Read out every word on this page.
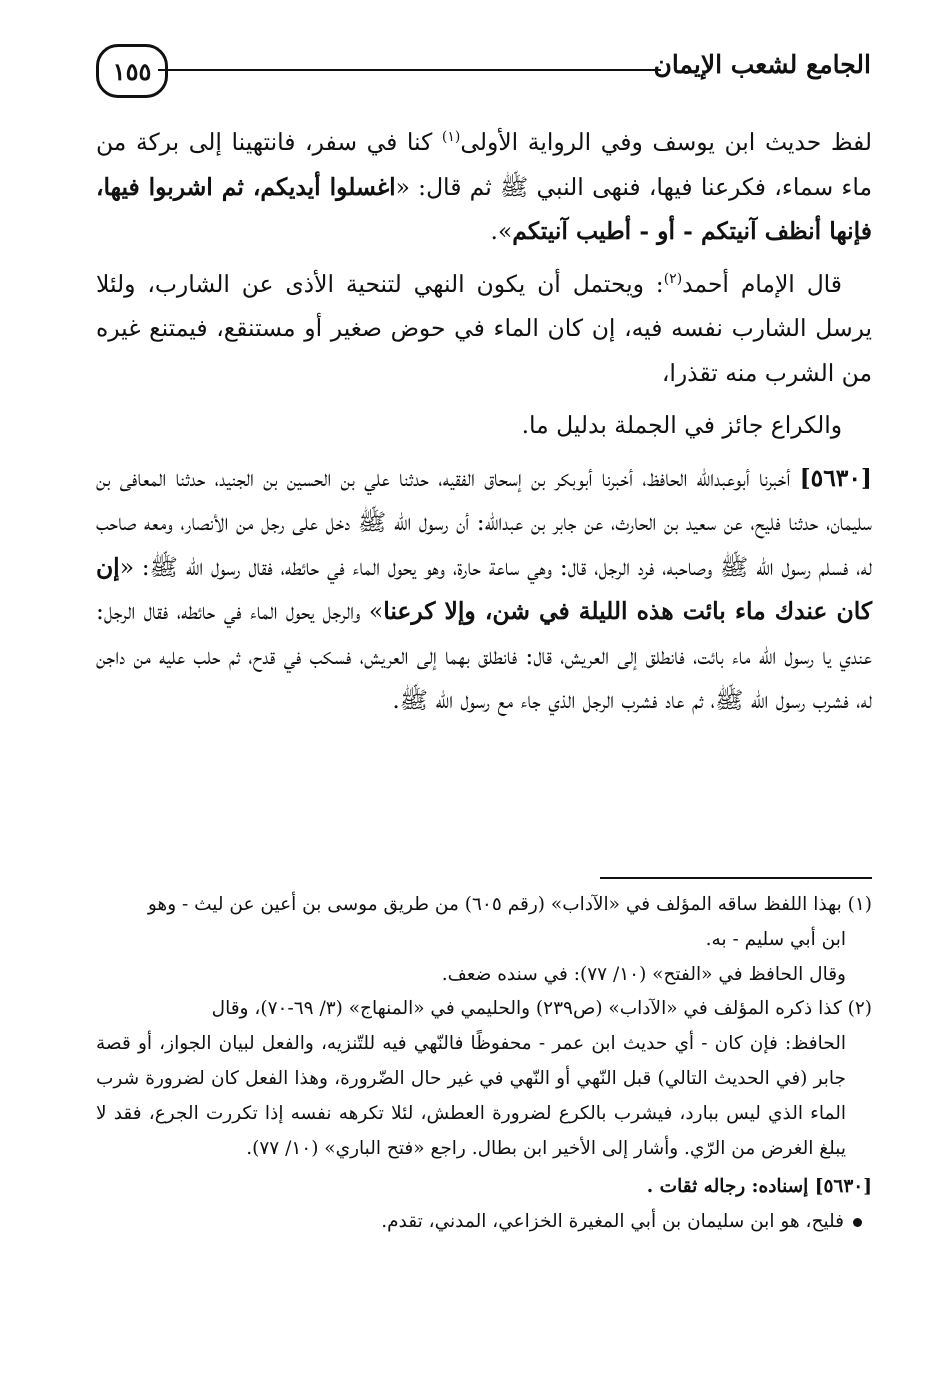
الجامع لشعب الإيمان
١٥٥

لفظ حديث ابن يوسف وفي الرواية الأولى$^{(١)}$ كنا في سفر، فانتهينا إلى بركة من ماء سماء، فكرعنا فيها، فنهى النبي ﷺ ثم قال: «اغسلوا أيديكم، ثم اشربوا فيها، فإنها أنظف آنيتكم - أو - أطيب آنيتكم».

قال الإمام أحمد$^{(٢)}$: ويحتمل أن يكون النهي لتنحية الأذى عن الشارب، ولئلا يرسل الشارب نفسه فيه، إن كان الماء في حوض صغير أو مستنقع، فيمتنع غيره من الشرب منه تقذرا،

والكراع جائز في الجملة بدليل ما.

[٥٦٣٠] أخبرنا أبوعبدالله الحافظ، أخبرنا أبوبكر بن إسحاق الفقيه، حدثنا علي بن الحسين بن الجنيد، حدثنا المعافى بن سليمان، حدثنا فليح، عن سعيد بن الحارث، عن جابر بن عبدالله: أن رسول الله ﷺ دخل على رجل من الأنصار، ومعه صاحب له، فسلم رسول الله ﷺ وصاحبه، فرد الرجل، قال: وهي ساعة حارة، وهو يحول الماء في حائطه، فقال رسول الله ﷺ: «إن كان عندك ماء بائت هذه الليلة في شن، وإلا كرعنا» والرجل يحول الماء في حائطه، فقال الرجل: عندي يا رسول الله ماء بائت، فانطلق إلى العريش، قال: فانطلق بهما إلى العريش، فسكب في قدح، ثم حلب عليه من داجن له، فشرب رسول الله ﷺ، ثم عاد فشرب الرجل الذي جاء مع رسول الله ﷺ.

(١) بهذا اللفظ ساقه المؤلف في «الآداب» (رقم ٦٠٥) من طريق موسى بن أعين عن ليث - وهو

ابن أبي سليم - به.

وقال الحافظ في «الفتح» (١٠/ ٧٧): في سنده ضعف.

(٢) كذا ذكره المؤلف في «الآداب» (ص٢٣٩) والحليمي في «المنهاج» (٣/ ٦٩-٧٠)، وقال

الحافظ: فإن كان - أي حديث ابن عمر - محفوظًا فالنّهي فيه للتّنزيه، والفعل لبيان الجواز، أو قصة جابر (في الحديث التالي) قبل النّهي أو النّهي في غير حال الضّرورة، وهذا الفعل كان لضرورة شرب الماء الذي ليس ببارد، فيشرب بالكرع لضرورة العطش، لئلا تكرهه نفسه إذا تكررت الجرع، فقد لا يبلغ الغرض من الرّي. وأشار إلى الأخير ابن بطال. راجع «فتح الباري» (١٠/ ٧٧).

[٥٦٣٠] إسناده: رجاله ثقات .

فليح، هو ابن سليمان بن أبي المغيرة الخزاعي، المدني، تقدم.
